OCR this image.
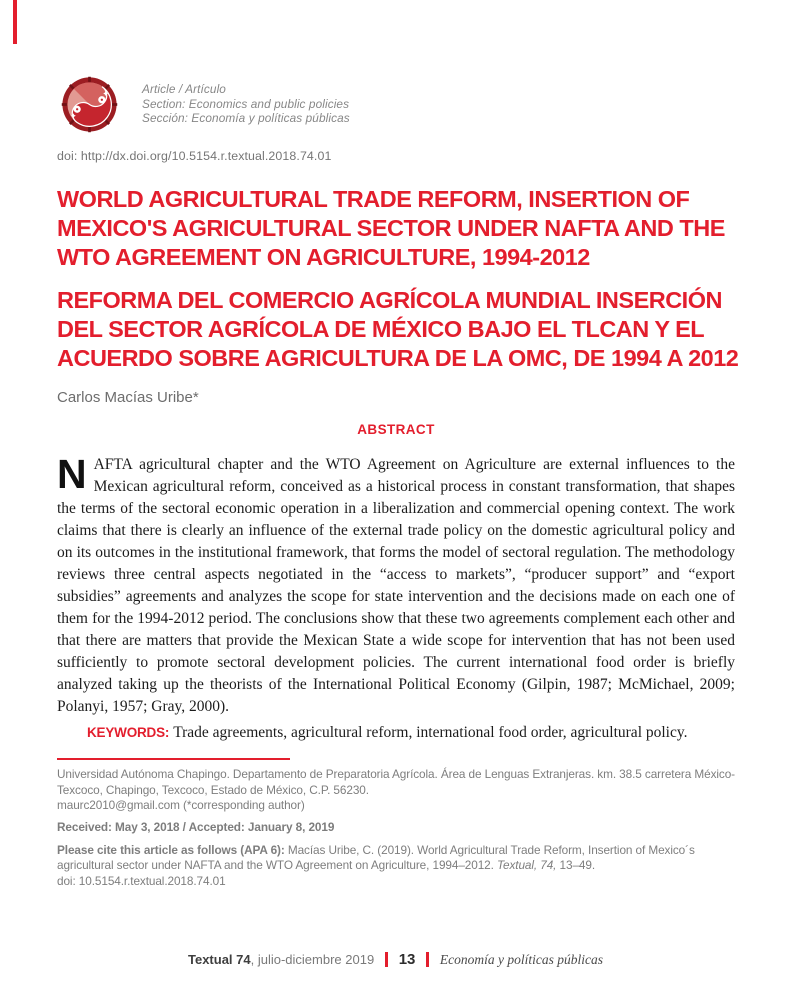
Article / Artículo
Section: Economics and public policies
Sección: Economía y políticas públicas
doi: http://dx.doi.org/10.5154.r.textual.2018.74.01
WORLD AGRICULTURAL TRADE REFORM, INSERTION OF
MEXICO'S AGRICULTURAL SECTOR UNDER NAFTA AND THE
WTO AGREEMENT ON AGRICULTURE, 1994-2012
REFORMA DEL COMERCIO AGRÍCOLA MUNDIAL INSERCIÓN
DEL SECTOR AGRÍCOLA DE MÉXICO BAJO EL TLCAN Y EL
ACUERDO SOBRE AGRICULTURA DE LA OMC, DE 1994 A 2012
Carlos Macías Uribe*
ABSTRACT
NAFTA agricultural chapter and the WTO Agreement on Agriculture are external influences to the Mexican agricultural reform, conceived as a historical process in constant transformation, that shapes the terms of the sectoral economic operation in a liberalization and commercial opening context. The work claims that there is clearly an influence of the external trade policy on the domestic agricultural policy and on its outcomes in the institutional framework, that forms the model of sectoral regulation. The methodology reviews three central aspects negotiated in the “access to markets”, “producer support” and “export subsidies” agreements and analyzes the scope for state intervention and the decisions made on each one of them for the 1994-2012 period. The conclusions show that these two agreements complement each other and that there are matters that provide the Mexican State a wide scope for intervention that has not been used sufficiently to promote sectoral development policies. The current international food order is briefly analyzed taking up the theorists of the International Political Economy (Gilpin, 1987; McMichael, 2009; Polanyi, 1957; Gray, 2000).
KEYWORDS: Trade agreements, agricultural reform, international food order, agricultural policy.
Universidad Autónoma Chapingo. Departamento de Preparatoria Agrícola. Área de Lenguas Extranjeras. km. 38.5 carretera México-Texcoco, Chapingo, Texcoco, Estado de México, C.P. 56230.
maurc2010@gmail.com (*corresponding author)
Received: May 3, 2018 / Accepted: January 8, 2019
Please cite this article as follows (APA 6): Macías Uribe, C. (2019). World Agricultural Trade Reform, Insertion of Mexico´s agricultural sector under NAFTA and the WTO Agreement on Agriculture, 1994–2012. Textual, 74, 13–49.
doi: 10.5154.r.textual.2018.74.01
Textual 74, julio-diciembre 2019 13 Economía y políticas públicas
